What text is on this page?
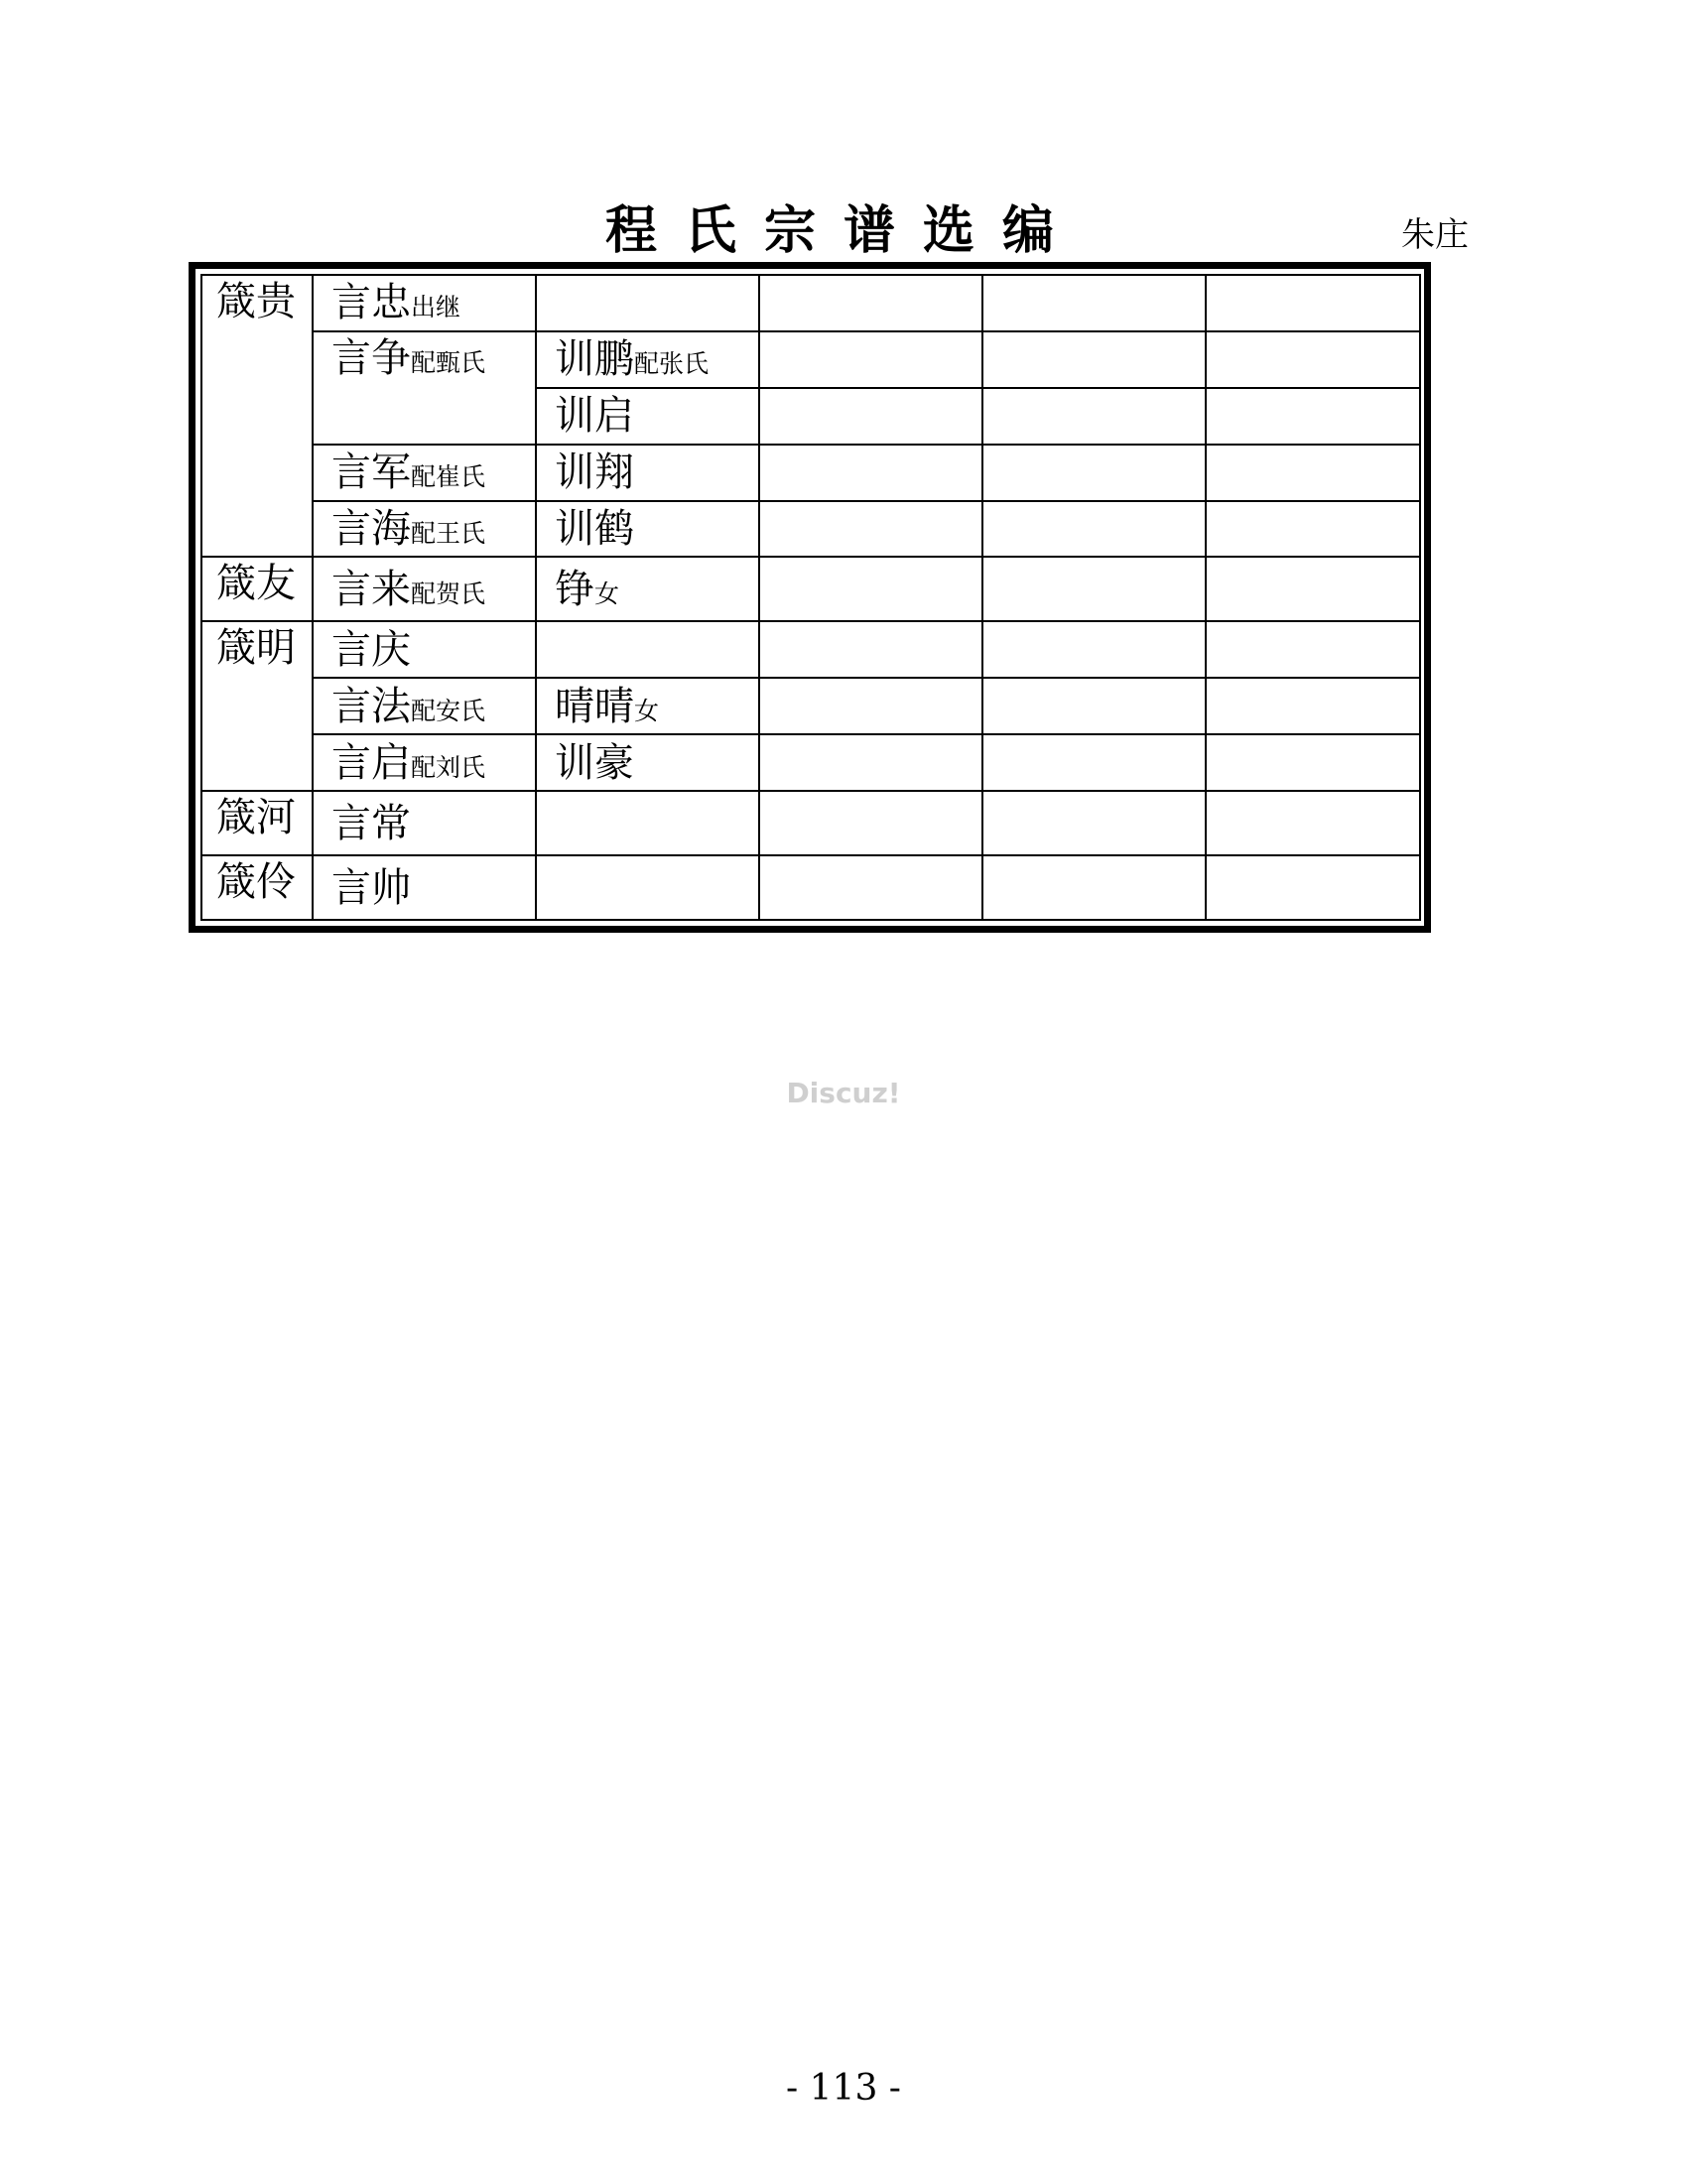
程氏宗谱选编	朱庄
箴贵	言忠出继				
	言争配甄氏	训鹏配张氏			
		训启			
	言军配崔氏	训翔			
	言海配王氏	训鹤			
箴友	言来配贺氏	铮女			
箴明	言庆				
	言法配安氏	晴晴女			
	言启配刘氏	训豪			
箴河	言常				
箴伶	言帅				
Discuz!
- 113 -
